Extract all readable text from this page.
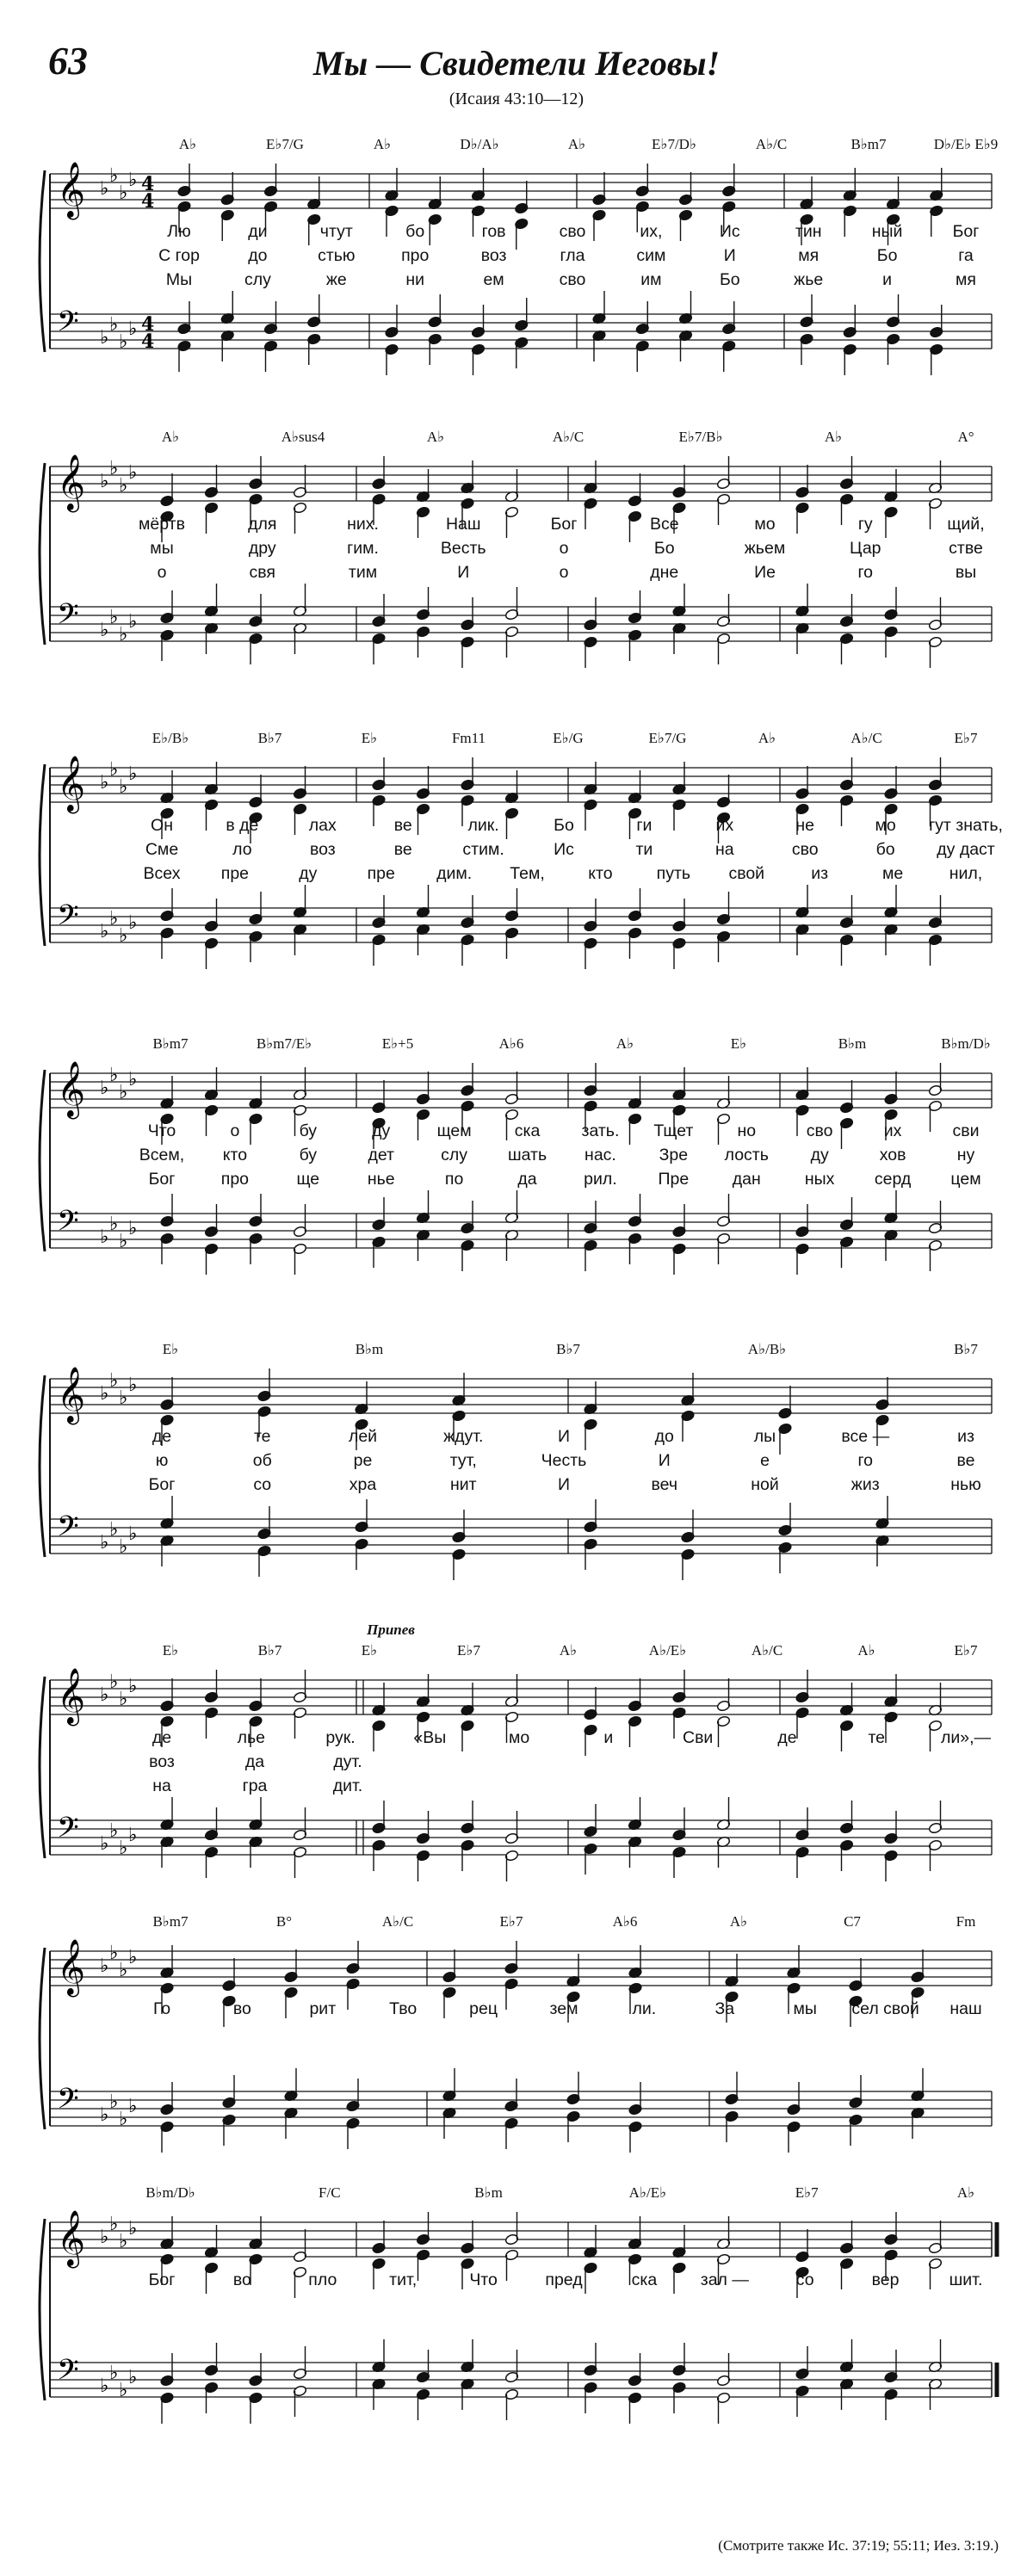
63	Мы — Свидетели Иеговы!
(Исаия 43:10—12)
𝄞 ♭
♭
♭
♭ 4
4
𝄢 ♭
♭
♭
♭ 4
4
A♭	E♭7/G	A♭	D♭/A♭	A♭	E♭7/D♭	A♭/C	B♭m7	D♭/E♭ E♭9
Лю	ди	чтут	бо	гов	сво	их,	Ис	тин	ный	Бог
С гор	до	стью	про	воз	гла	сим	И	мя	Бо	га
Мы	слу	же	ни	ем	сво	им	Бо	жье	и	мя
𝄞 ♭
♭
♭
♭
𝄢 ♭
♭
♭
♭
A♭	A♭sus4	A♭	A♭/C	E♭7/B♭	A♭	A°
мёртв	для	них.	Наш	Бог	Все	мо	гу	щий,
мы	дру	гим.	Весть	о	Бо	жьем	Цар	стве
о	свя	тим	И	о	дне	Ие	го	вы
𝄞 ♭
♭
♭
♭
𝄢 ♭
♭
♭
♭
E♭/B♭	B♭7	E♭	Fm11	E♭/G	E♭7/G	A♭	A♭/C	E♭7
Он	в де	лах	ве	лик.	Бо	ги	их	не	мо гут знать,
Сме	ло	воз	ве	стим.	Ис	ти	на	сво	бо ду даст
Всех пре	ду	пре дим. Тем,	кто	путь свой	из	ме	нил,
𝄞 ♭
♭
♭
♭
𝄢 ♭
♭
♭
♭
B♭m7	B♭m7/E♭	E♭+5	A♭6	A♭	E♭	B♭m	B♭m/D♭
Что	о	бу	ду	щем	ска зать. Тщет	но	сво	их	сви
Всем, кто	бу	дет	слу шать нас.	Зре лость ду	хов	ну
Бог	про	ще	нье	по	да	рил. Пре	дан	ных серд цем
𝄞 ♭
♭
♭
♭
𝄢 ♭
♭
♭
♭
E♭	B♭m	B♭7	A♭/B♭	B♭7
де	те	лей	ждут.	И	до	лы	все —	из
ю	об	ре	тут,	Честь	И	е	го	ве
Бог	со	хра	нит	И	веч	ной	жиз	нью
𝄞 ♭
♭
♭
♭
𝄢 ♭
♭
♭
♭
E♭	B♭7	E♭	E♭7	A♭	A♭/E♭	A♭/C	A♭	E♭7
Припев
де	лье	рук.	«Вы	мо	и	Сви	де	те	ли»,—
воз	да	дут.
на	гра	дит.
𝄞 ♭
♭
♭
♭
𝄢 ♭
♭
♭
♭
B♭m7	B°	A♭/C	E♭7	A♭6	A♭	C7	Fm
Го	во	рит	Тво	рец	зем	ли.	За	мы сел свой наш
𝄞 ♭
♭
♭
♭
𝄢 ♭
♭
♭
♭
B♭m/D♭	F/C	B♭m	A♭/E♭	E♭7	A♭
Бог	во	пло	тит,	Что	пред	ска	зал —	со	вер	шит.
(Смотрите также Ис. 37:19; 55:11; Иез. 3:19.)
